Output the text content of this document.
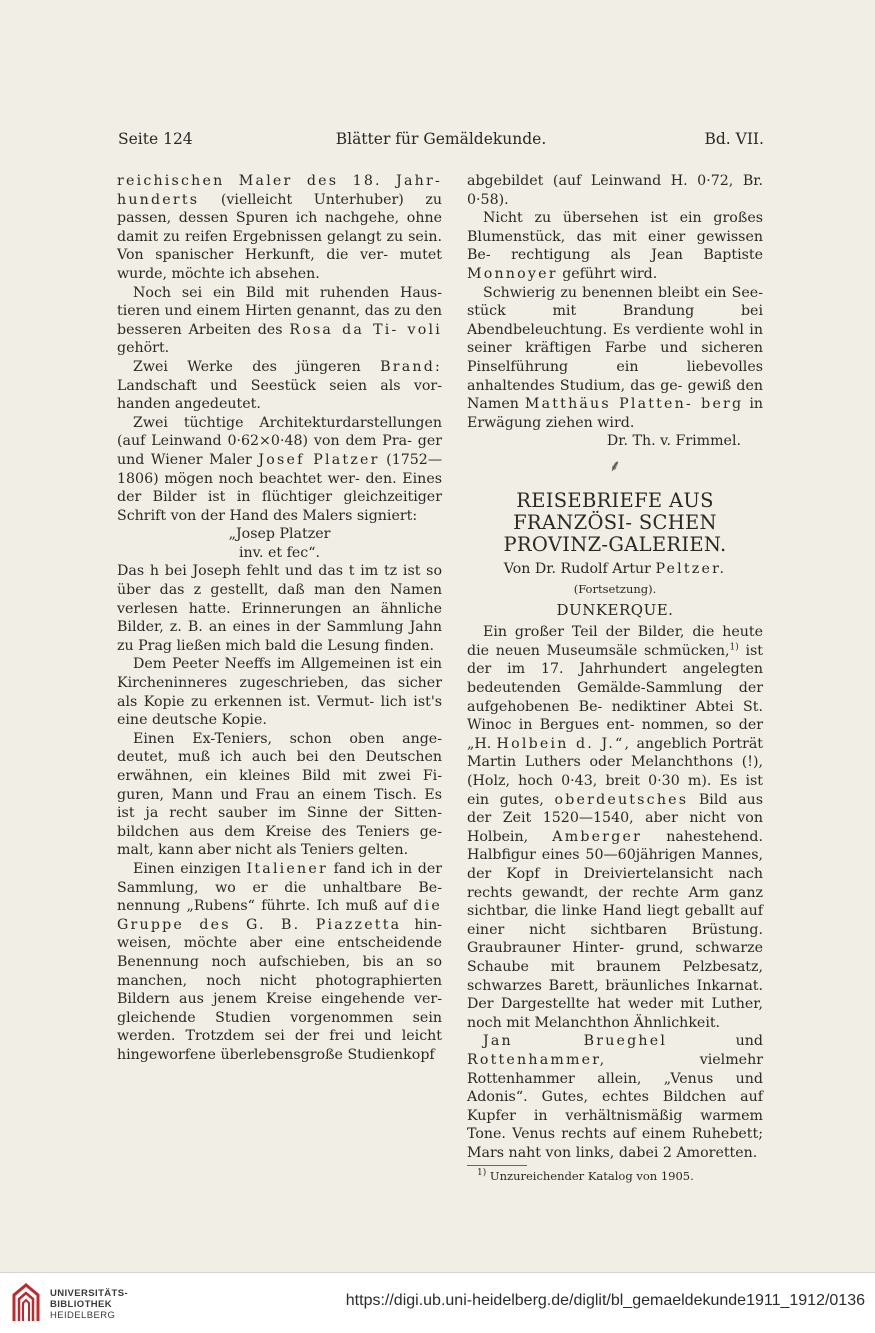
Seite 124	Blätter für Gemäldekunde.	Bd. VII.

reichischen Maler des 18. Jahr- hunderts (vielleicht Unterhuber) zu passen, dessen Spuren ich nachgehe, ohne damit zu reifen Ergebnissen gelangt zu sein. Von spanischer Herkunft, die ver- mutet wurde, möchte ich absehen.

Noch sei ein Bild mit ruhenden Haus- tieren und einem Hirten genannt, das zu den besseren Arbeiten des Rosa da Ti- voli gehört.

Zwei Werke des jüngeren Brand: Landschaft und Seestück seien als vor- handen angedeutet.

Zwei tüchtige Architekturdarstellungen (auf Leinwand 0·62×0·48) von dem Pra- ger und Wiener Maler Josef Platzer (1752—1806) mögen noch beachtet wer- den. Eines der Bilder ist in flüchtiger gleichzeitiger Schrift von der Hand des Malers signiert:

„Josep Platzer

inv. et fec“.

Das h bei Joseph fehlt und das t im tz ist so über das z gestellt, daß man den Namen verlesen hatte. Erinnerungen an ähnliche Bilder, z. B. an eines in der Sammlung Jahn zu Prag ließen mich bald die Lesung finden.

Dem Peeter Neeffs im Allgemeinen ist ein Kircheninneres zugeschrieben, das sicher als Kopie zu erkennen ist. Vermut- lich ist's eine deutsche Kopie.

Einen Ex-Teniers, schon oben ange- deutet, muß ich auch bei den Deutschen erwähnen, ein kleines Bild mit zwei Fi- guren, Mann und Frau an einem Tisch. Es ist ja recht sauber im Sinne der Sitten- bildchen aus dem Kreise des Teniers ge- malt, kann aber nicht als Teniers gelten.

Einen einzigen Italiener fand ich in der Sammlung, wo er die unhaltbare Be- nennung „Rubens“ führte. Ich muß auf die Gruppe des G. B. Piazzetta hin- weisen, möchte aber eine entscheidende Benennung noch aufschieben, bis an so manchen, noch nicht photographierten Bildern aus jenem Kreise eingehende ver- gleichende Studien vorgenommen sein werden. Trotzdem sei der frei und leicht hingeworfene überlebensgroße Studienkopf

abgebildet (auf Leinwand H. 0·72, Br. 0·58).

Nicht zu übersehen ist ein großes Blumenstück, das mit einer gewissen Be- rechtigung als Jean Baptiste Monnoyer geführt wird.

Schwierig zu benennen bleibt ein See- stück mit Brandung bei Abendbeleuchtung. Es verdiente wohl in seiner kräftigen Farbe und sicheren Pinselführung ein liebevolles anhaltendes Studium, das ge- gewiß den Namen Matthäus Platten- berg in Erwägung ziehen wird.

Dr. Th. v. Frimmel.

⸙
REISEBRIEFE AUS FRANZÖSI- SCHEN PROVINZ-GALERIEN.
Von Dr. Rudolf Artur Peltzer.
(Fortsetzung).
DUNKERQUE.

Ein großer Teil der Bilder, die heute die neuen Museumsäle schmücken,$^{1)}$ ist der im 17. Jahrhundert angelegten bedeutenden Gemälde-Sammlung der aufgehobenen Be- nediktiner Abtei St. Winoc in Bergues ent- nommen, so der „H. Holbein d. J.“, angeblich Porträt Martin Luthers oder Melanchthons (!), (Holz, hoch 0·43, breit 0·30 m). Es ist ein gutes, oberdeutsches Bild aus der Zeit 1520—1540, aber nicht von Holbein, Amberger nahestehend. Halbfigur eines 50—60jährigen Mannes, der Kopf in Dreiviertelansicht nach rechts gewandt, der rechte Arm ganz sichtbar, die linke Hand liegt geballt auf einer nicht sichtbaren Brüstung. Graubrauner Hinter- grund, schwarze Schaube mit braunem Pelzbesatz, schwarzes Barett, bräunliches Inkarnat. Der Dargestellte hat weder mit Luther, noch mit Melanchthon Ähnlichkeit.

Jan Brueghel	und Rottenhammer,	vielmehr Rottenhammer allein, „Venus und Adonis“. Gutes, echtes Bildchen auf Kupfer in verhältnismäßig warmem Tone. Venus rechts auf einem Ruhebett; Mars naht von links, dabei 2 Amoretten.

$^{1)}$ Unzureichender Katalog von 1905.
UNIVERSITÄTS-
BIBLIOTHEK
HEIDELBERG
https://digi.ub.uni-heidelberg.de/diglit/bl_gemaeldekunde1911_1912/0136
